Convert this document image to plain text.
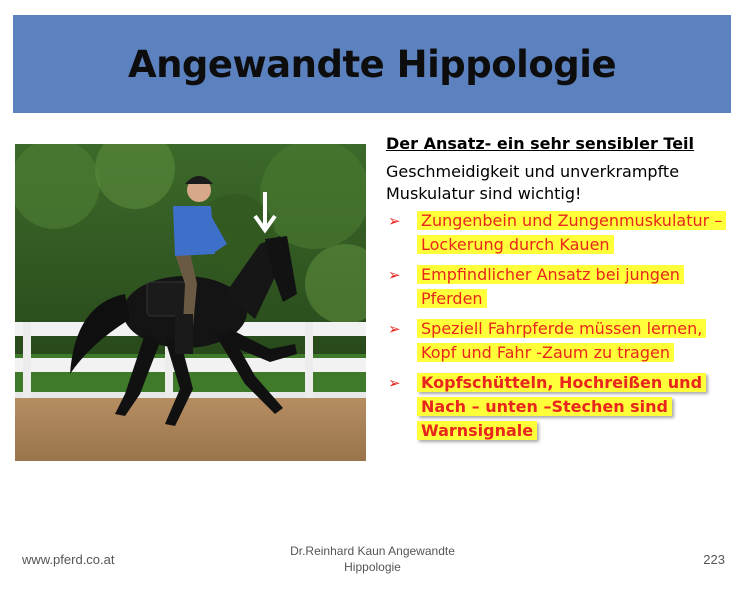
Angewandte Hippologie

Der Ansatz- ein sehr sensibler Teil

Geschmeidigkeit und unverkrampfte Muskulatur sind wichtig!

➢ Zungenbein und Zungenmuskulatur – Lockerung durch Kauen
➢ Empfindlicher Ansatz bei jungen Pferden
➢ Speziell Fahrpferde müssen lernen, Kopf und Fahr -Zaum zu tragen
➢ Kopfschütteln, Hochreißen und Nach – unten –Stechen sind Warnsignale
www.pferd.co.at
Dr.Reinhard Kaun Angewandte Hippologie	223
